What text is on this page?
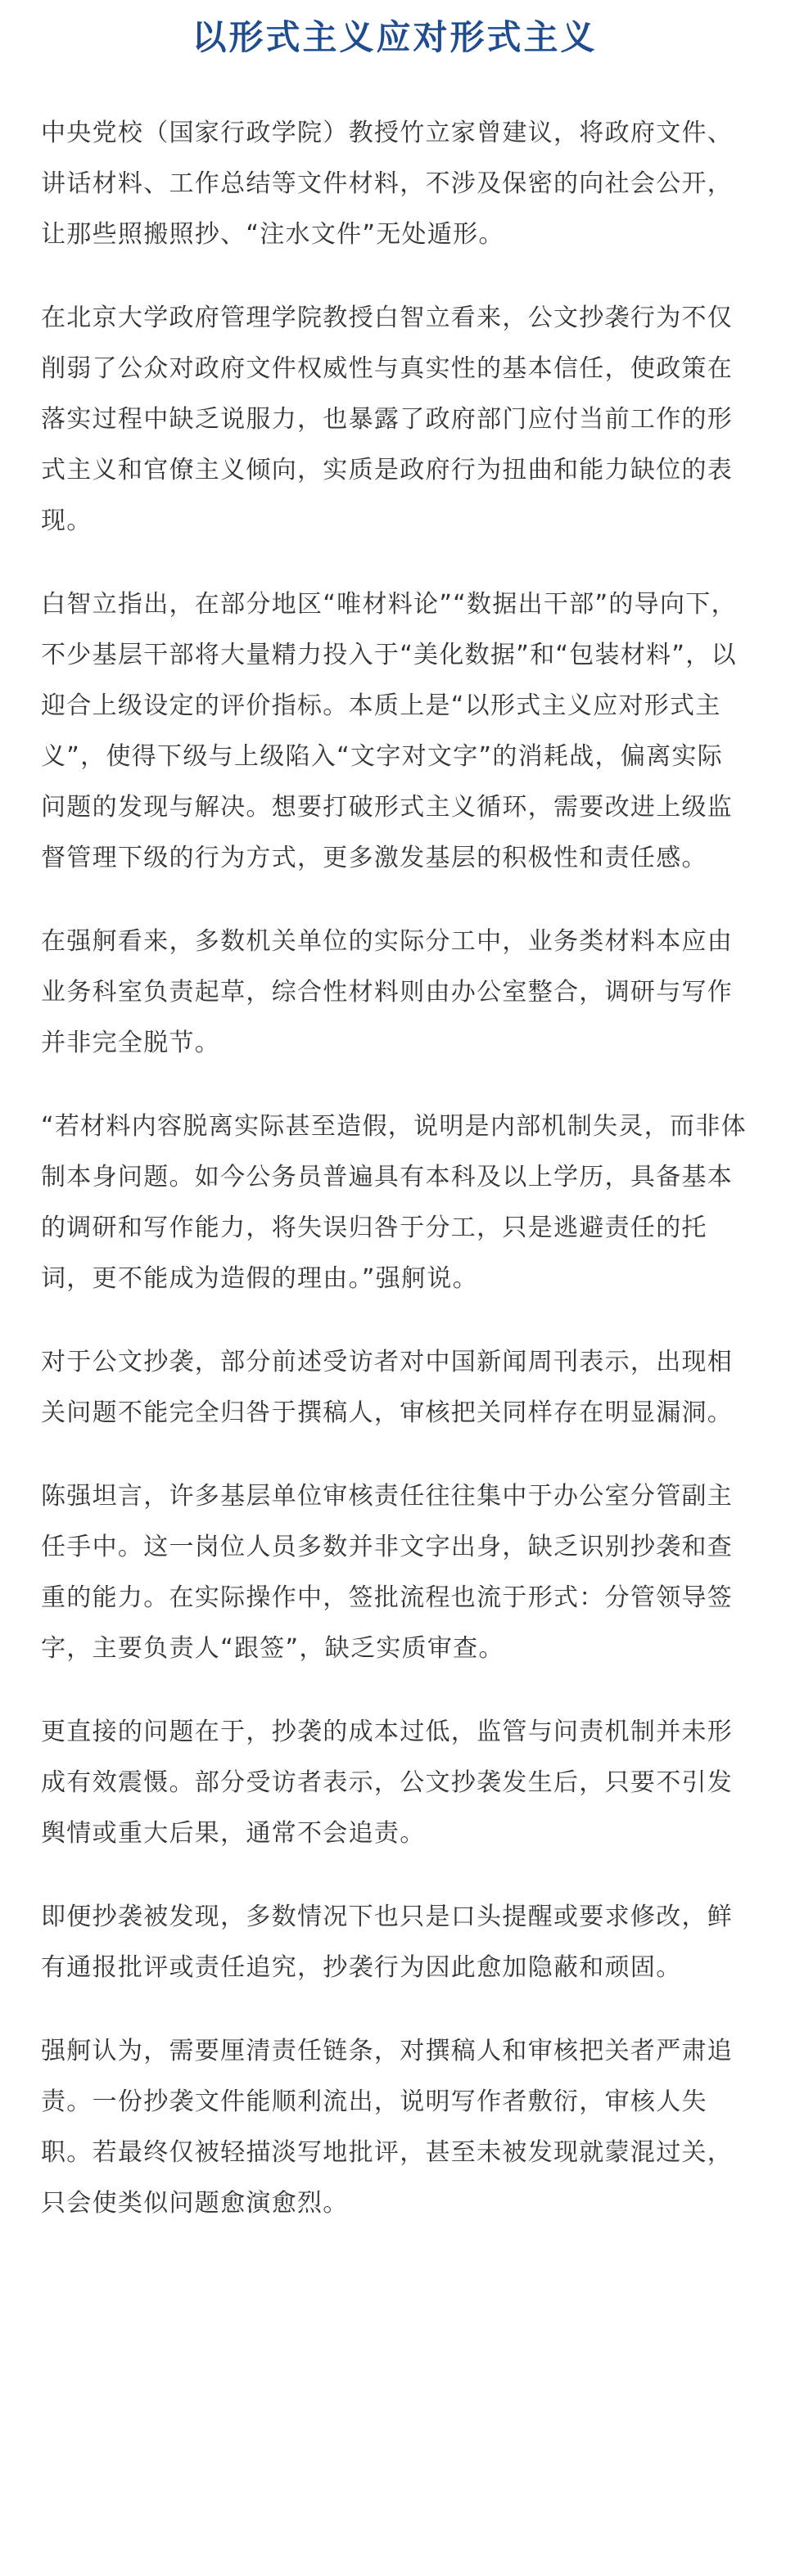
以形式主义应对形式主义

中央党校（国家行政学院）教授竹立家曾建议，将政府文件、讲话材料、工作总结等文件材料，不涉及保密的向社会公开，让那些照搬照抄、“注水文件”无处遁形。

在北京大学政府管理学院教授白智立看来，公文抄袭行为不仅削弱了公众对政府文件权威性与真实性的基本信任，使政策在落实过程中缺乏说服力，也暴露了政府部门应付当前工作的形式主义和官僚主义倾向，实质是政府行为扭曲和能力缺位的表现。

白智立指出，在部分地区“唯材料论”“数据出干部”的导向下，不少基层干部将大量精力投入于“美化数据”和“包装材料”，以迎合上级设定的评价指标。本质上是“以形式主义应对形式主义”，使得下级与上级陷入“文字对文字”的消耗战，偏离实际问题的发现与解决。想要打破形式主义循环，需要改进上级监督管理下级的行为方式，更多激发基层的积极性和责任感。

在强舸看来，多数机关单位的实际分工中，业务类材料本应由业务科室负责起草，综合性材料则由办公室整合，调研与写作并非完全脱节。

“若材料内容脱离实际甚至造假，说明是内部机制失灵，而非体制本身问题。如今公务员普遍具有本科及以上学历，具备基本的调研和写作能力，将失误归咎于分工，只是逃避责任的托词，更不能成为造假的理由。”强舸说。

对于公文抄袭，部分前述受访者对中国新闻周刊表示，出现相关问题不能完全归咎于撰稿人，审核把关同样存在明显漏洞。

陈强坦言，许多基层单位审核责任往往集中于办公室分管副主任手中。这一岗位人员多数并非文字出身，缺乏识别抄袭和查重的能力。在实际操作中，签批流程也流于形式：分管领导签字，主要负责人“跟签”，缺乏实质审查。

更直接的问题在于，抄袭的成本过低，监管与问责机制并未形成有效震慑。部分受访者表示，公文抄袭发生后，只要不引发舆情或重大后果，通常不会追责。

即便抄袭被发现，多数情况下也只是口头提醒或要求修改，鲜有通报批评或责任追究，抄袭行为因此愈加隐蔽和顽固。

强舸认为，需要厘清责任链条，对撰稿人和审核把关者严肃追责。一份抄袭文件能顺利流出，说明写作者敷衍，审核人失职。若最终仅被轻描淡写地批评，甚至未被发现就蒙混过关，只会使类似问题愈演愈烈。
